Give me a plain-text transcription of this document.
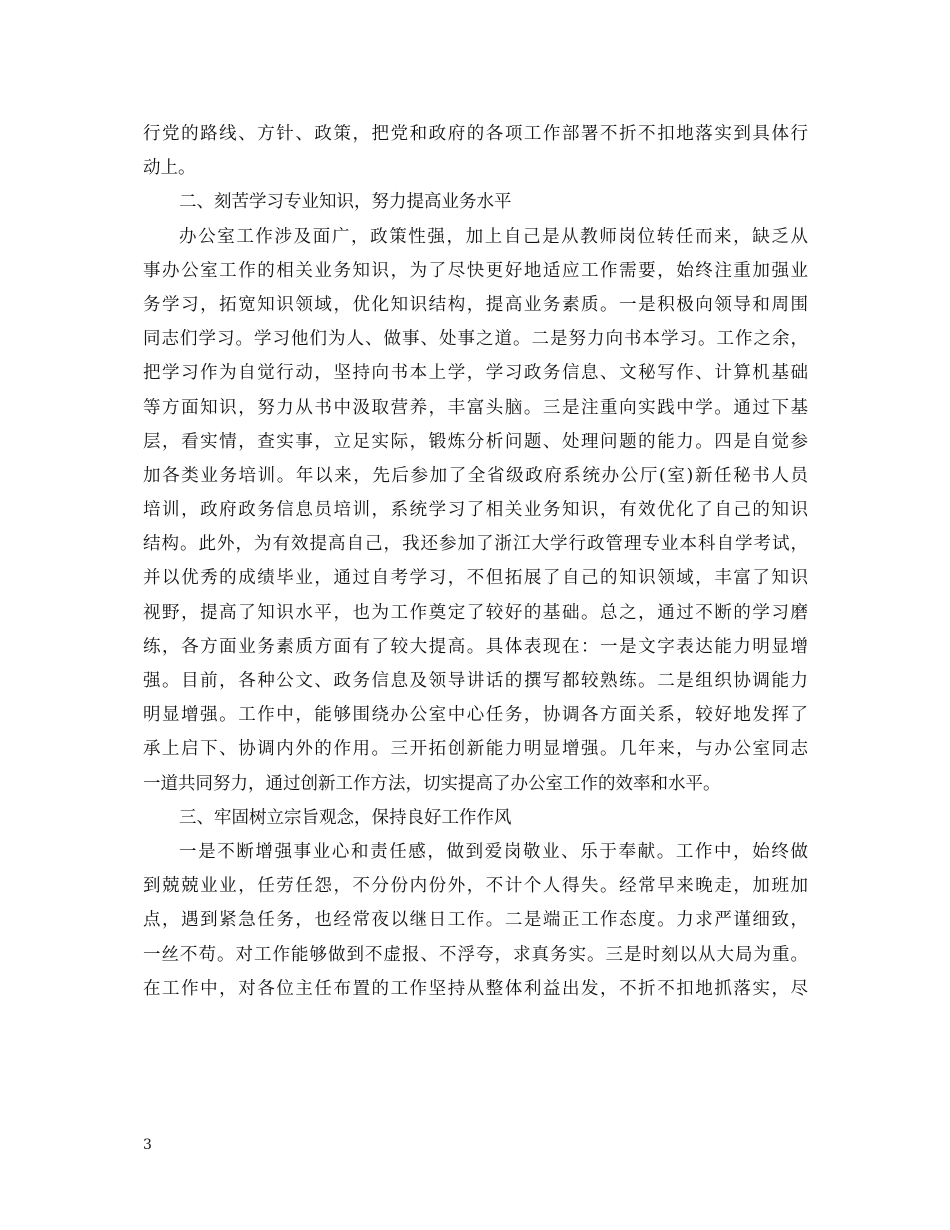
行党的路线、方针、政策，把党和政府的各项工作部署不折不扣地落实到具体行
动上。
二、刻苦学习专业知识，努力提高业务水平
办公室工作涉及面广，政策性强，加上自己是从教师岗位转任而来，缺乏从
事办公室工作的相关业务知识，为了尽快更好地适应工作需要，始终注重加强业
务学习，拓宽知识领域，优化知识结构，提高业务素质。一是积极向领导和周围
同志们学习。学习他们为人、做事、处事之道。二是努力向书本学习。工作之余，
把学习作为自觉行动，坚持向书本上学，学习政务信息、文秘写作、计算机基础
等方面知识，努力从书中汲取营养，丰富头脑。三是注重向实践中学。通过下基
层，看实情，查实事，立足实际，锻炼分析问题、处理问题的能力。四是自觉参
加各类业务培训。年以来，先后参加了全省级政府系统办公厅(室)新任秘书人员
培训，政府政务信息员培训，系统学习了相关业务知识，有效优化了自己的知识
结构。此外，为有效提高自己，我还参加了浙江大学行政管理专业本科自学考试，
并以优秀的成绩毕业，通过自考学习，不但拓展了自己的知识领域，丰富了知识
视野，提高了知识水平，也为工作奠定了较好的基础。总之，通过不断的学习磨
练，各方面业务素质方面有了较大提高。具体表现在：一是文字表达能力明显增
强。目前，各种公文、政务信息及领导讲话的撰写都较熟练。二是组织协调能力
明显增强。工作中，能够围绕办公室中心任务，协调各方面关系，较好地发挥了
承上启下、协调内外的作用。三开拓创新能力明显增强。几年来，与办公室同志
一道共同努力，通过创新工作方法，切实提高了办公室工作的效率和水平。
三、牢固树立宗旨观念，保持良好工作作风
一是不断增强事业心和责任感，做到爱岗敬业、乐于奉献。工作中，始终做
到兢兢业业，任劳任怨，不分份内份外，不计个人得失。经常早来晚走，加班加
点，遇到紧急任务，也经常夜以继日工作。二是端正工作态度。力求严谨细致，
一丝不苟。对工作能够做到不虚报、不浮夸，求真务实。三是时刻以从大局为重。
在工作中，对各位主任布置的工作坚持从整体利益出发，不折不扣地抓落实，尽
3
